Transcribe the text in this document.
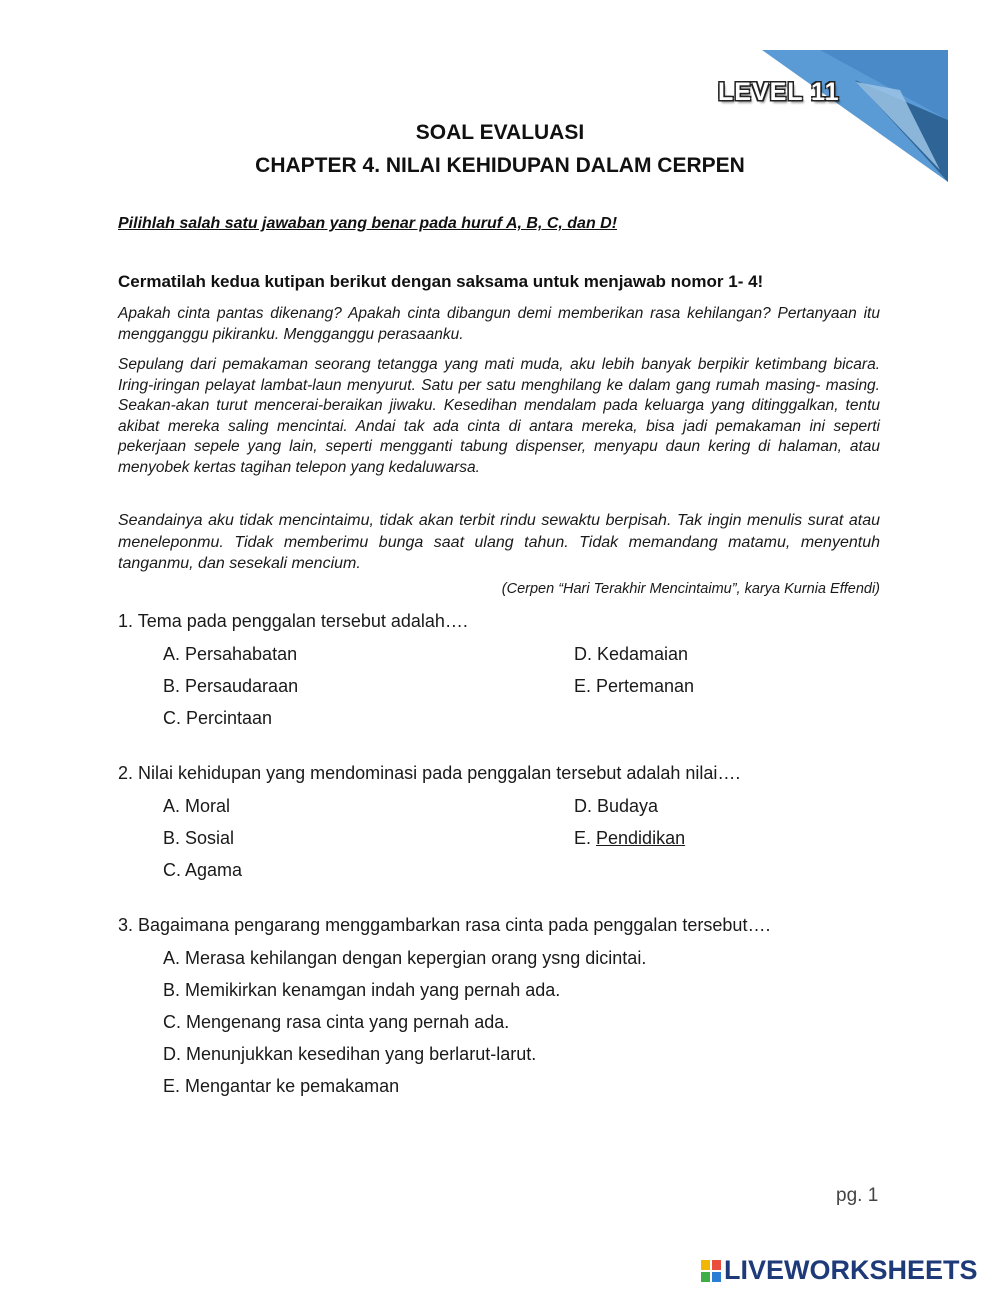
LEVEL 11
SOAL EVALUASI
CHAPTER 4. NILAI KEHIDUPAN DALAM CERPEN
Pilihlah salah satu jawaban yang benar pada huruf A, B, C, dan D!
Cermatilah kedua kutipan berikut dengan saksama untuk menjawab nomor 1- 4!
Apakah cinta pantas dikenang? Apakah cinta dibangun demi memberikan rasa kehilangan? Pertanyaan itu mengganggu pikiranku. Mengganggu perasaanku.
Sepulang dari pemakaman seorang tetangga yang mati muda, aku lebih banyak berpikir ketimbang bicara. Iring-iringan pelayat lambat-laun menyurut. Satu per satu menghilang ke dalam gang rumah masing- masing. Seakan-akan turut mencerai-beraikan jiwaku. Kesedihan mendalam pada keluarga yang ditinggalkan, tentu akibat mereka saling mencintai. Andai tak ada cinta di antara mereka, bisa jadi pemakaman ini seperti pekerjaan sepele yang lain, seperti mengganti tabung dispenser, menyapu daun kering di halaman, atau menyobek kertas tagihan telepon yang kedaluwarsa.
Seandainya aku tidak mencintaimu, tidak akan terbit rindu sewaktu berpisah. Tak ingin menulis surat atau meneleponmu. Tidak memberimu bunga saat ulang tahun. Tidak memandang matamu, menyentuh tanganmu, dan sesekali mencium.
(Cerpen “Hari Terakhir Mencintaimu”, karya Kurnia Effendi)
1. Tema pada penggalan tersebut adalah….
A. Persahabatan
B. Persaudaraan
C. Percintaan
D. Kedamaian
E. Pertemanan
2. Nilai kehidupan yang mendominasi pada penggalan tersebut adalah nilai….
A. Moral
B. Sosial
C. Agama
D. Budaya
E. Pendidikan
3. Bagaimana pengarang menggambarkan rasa cinta pada penggalan tersebut….
A. Merasa kehilangan dengan kepergian orang ysng dicintai.
B. Memikirkan kenamgan indah yang pernah ada.
C. Mengenang rasa cinta yang pernah ada.
D. Menunjukkan kesedihan yang berlarut-larut.
E. Mengantar ke pemakaman
pg. 1
LIVEWORKSHEETS
